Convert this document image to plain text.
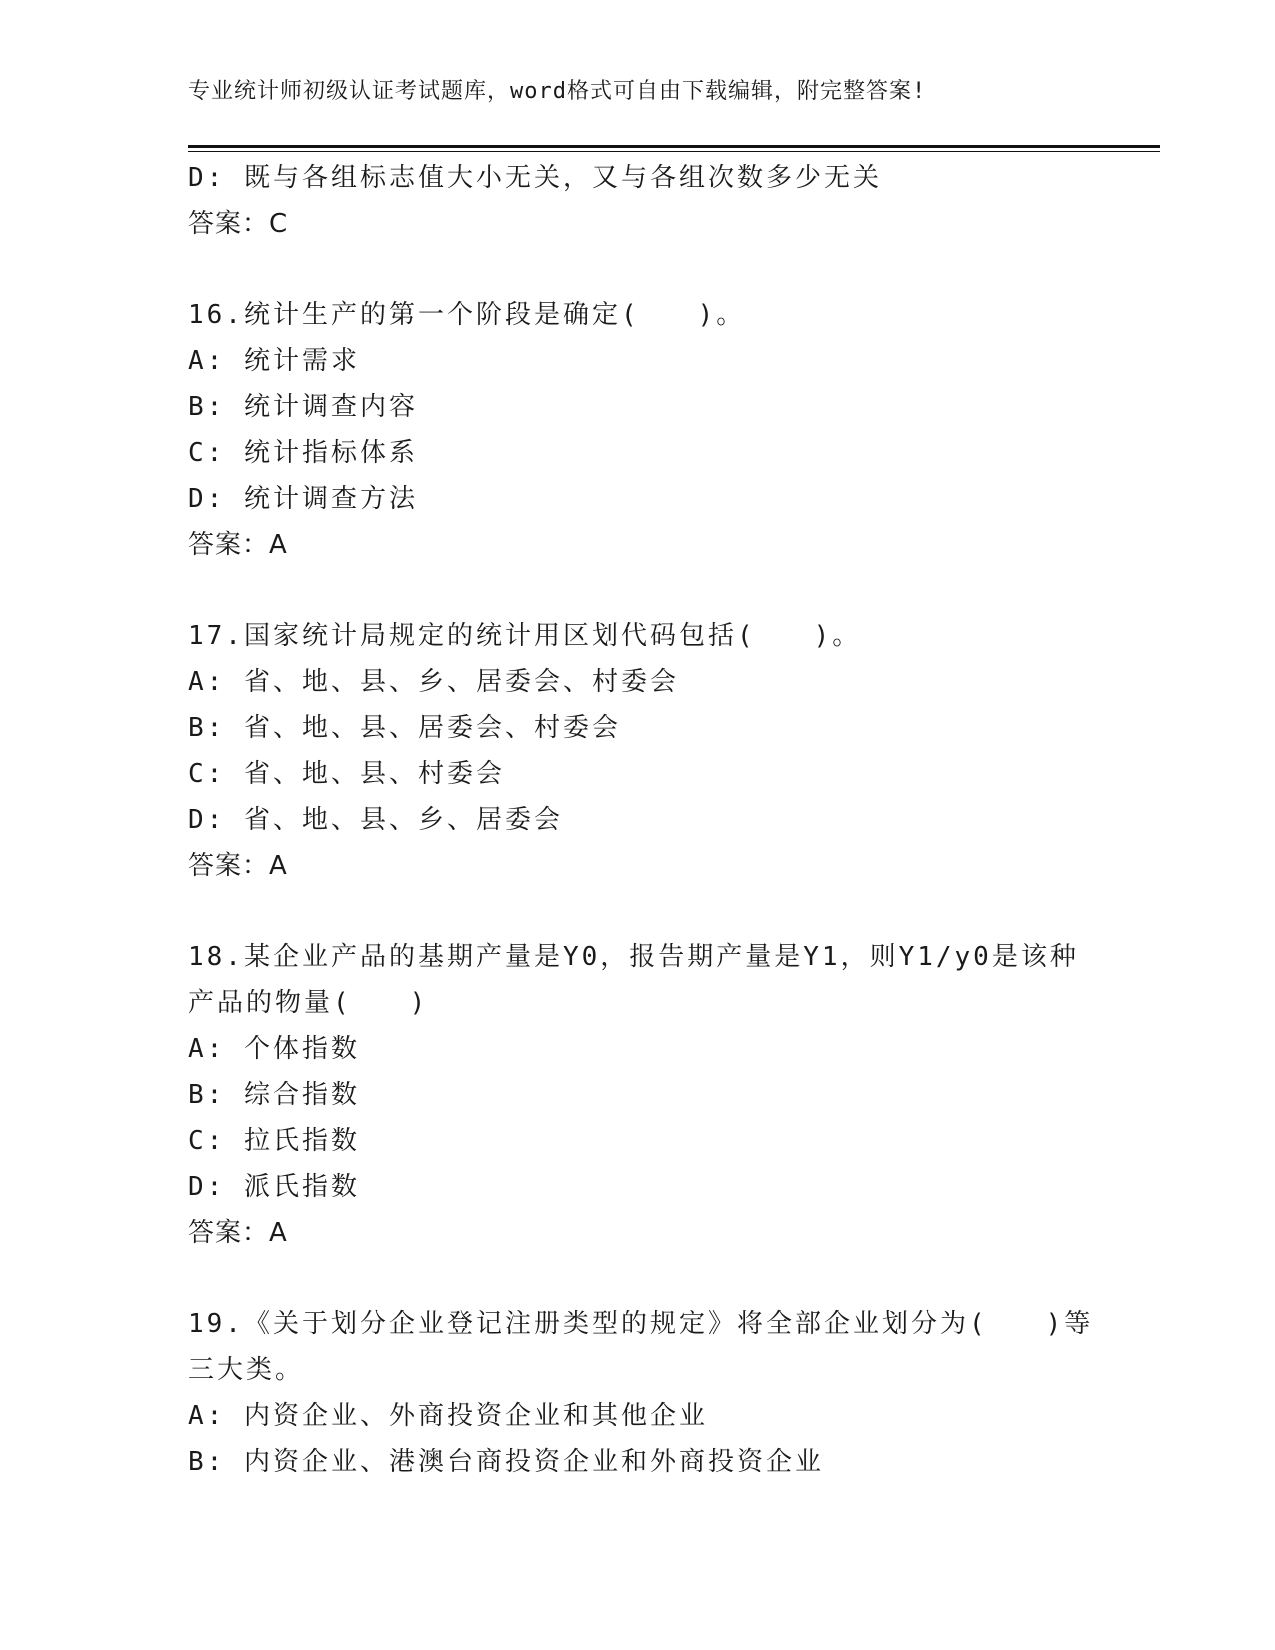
专业统计师初级认证考试题库，word格式可自由下载编辑，附完整答案!
D: 既与各组标志值大小无关，又与各组次数多少无关
答案：C
16.统计生产的第一个阶段是确定(　　)。
A: 统计需求
B: 统计调查内容
C: 统计指标体系
D: 统计调查方法
答案：A
17.国家统计局规定的统计用区划代码包括(　　)。
A: 省、地、县、乡、居委会、村委会
B: 省、地、县、居委会、村委会
C: 省、地、县、村委会
D: 省、地、县、乡、居委会
答案：A
18.某企业产品的基期产量是Y0，报告期产量是Y1，则Y1/y0是该种
产品的物量(　　)
A: 个体指数
B: 综合指数
C: 拉氏指数
D: 派氏指数
答案：A
19.《关于划分企业登记注册类型的规定》将全部企业划分为(　　)等
三大类。
A: 内资企业、外商投资企业和其他企业
B: 内资企业、港澳台商投资企业和外商投资企业
